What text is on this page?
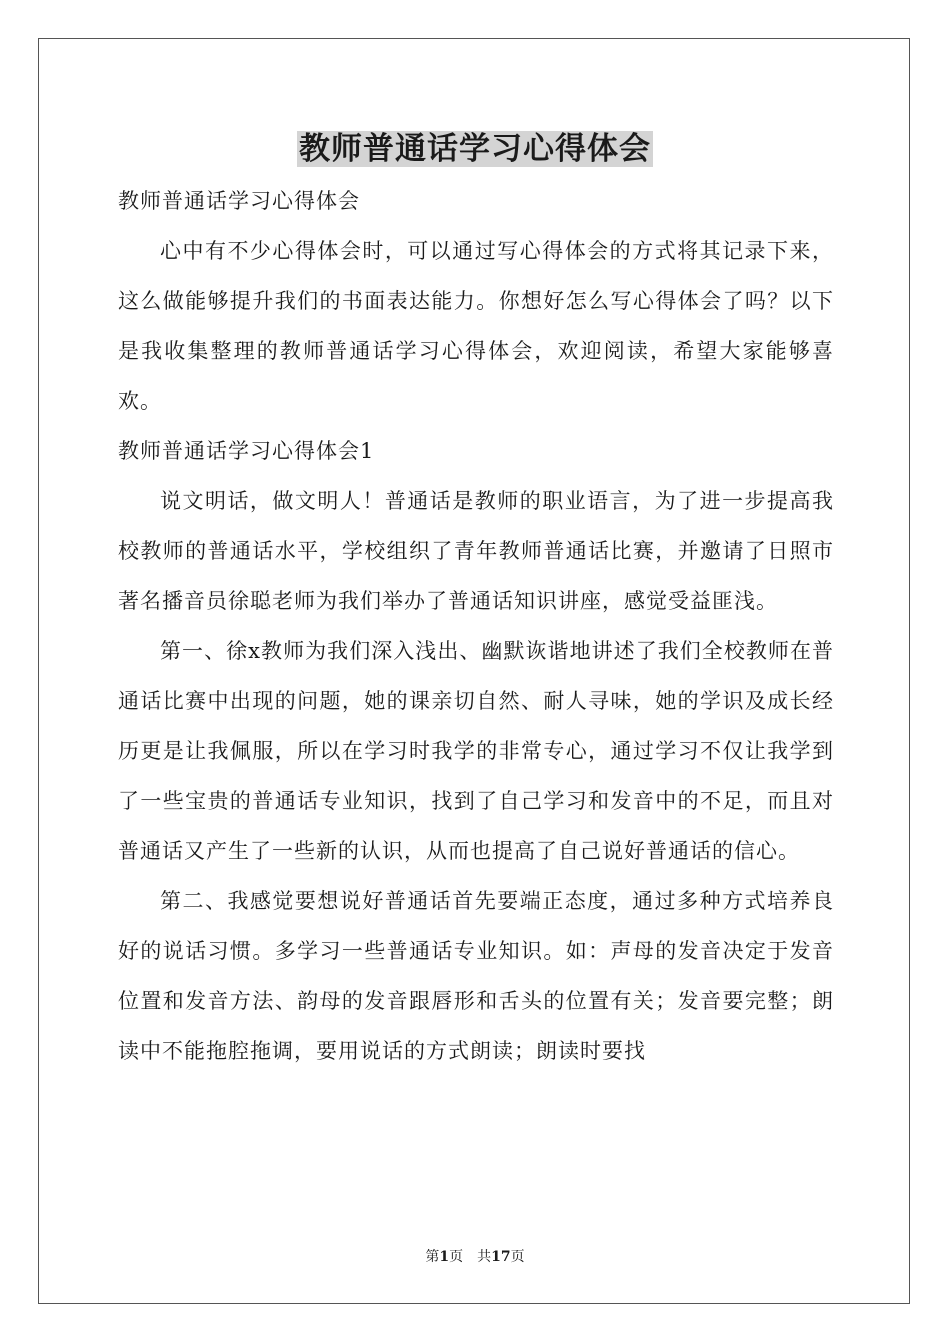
教师普通话学习心得体会

教师普通话学习心得体会

心中有不少心得体会时，可以通过写心得体会的方式将其记录下来，这么做能够提升我们的书面表达能力。你想好怎么写心得体会了吗？以下是我收集整理的教师普通话学习心得体会，欢迎阅读，希望大家能够喜欢。

教师普通话学习心得体会1

说文明话，做文明人！普通话是教师的职业语言，为了进一步提高我校教师的普通话水平，学校组织了青年教师普通话比赛，并邀请了日照市著名播音员徐聪老师为我们举办了普通话知识讲座，感觉受益匪浅。

第一、徐x教师为我们深入浅出、幽默诙谐地讲述了我们全校教师在普通话比赛中出现的问题，她的课亲切自然、耐人寻味，她的学识及成长经历更是让我佩服，所以在学习时我学的非常专心，通过学习不仅让我学到了一些宝贵的普通话专业知识，找到了自己学习和发音中的不足，而且对普通话又产生了一些新的认识，从而也提高了自己说好普通话的信心。

第二、我感觉要想说好普通话首先要端正态度，通过多种方式培养良好的说话习惯。多学习一些普通话专业知识。如：声母的发音决定于发音位置和发音方法、韵母的发音跟唇形和舌头的位置有关；发音要完整；朗读中不能拖腔拖调，要用说话的方式朗读；朗读时要找

第1页　共17页
